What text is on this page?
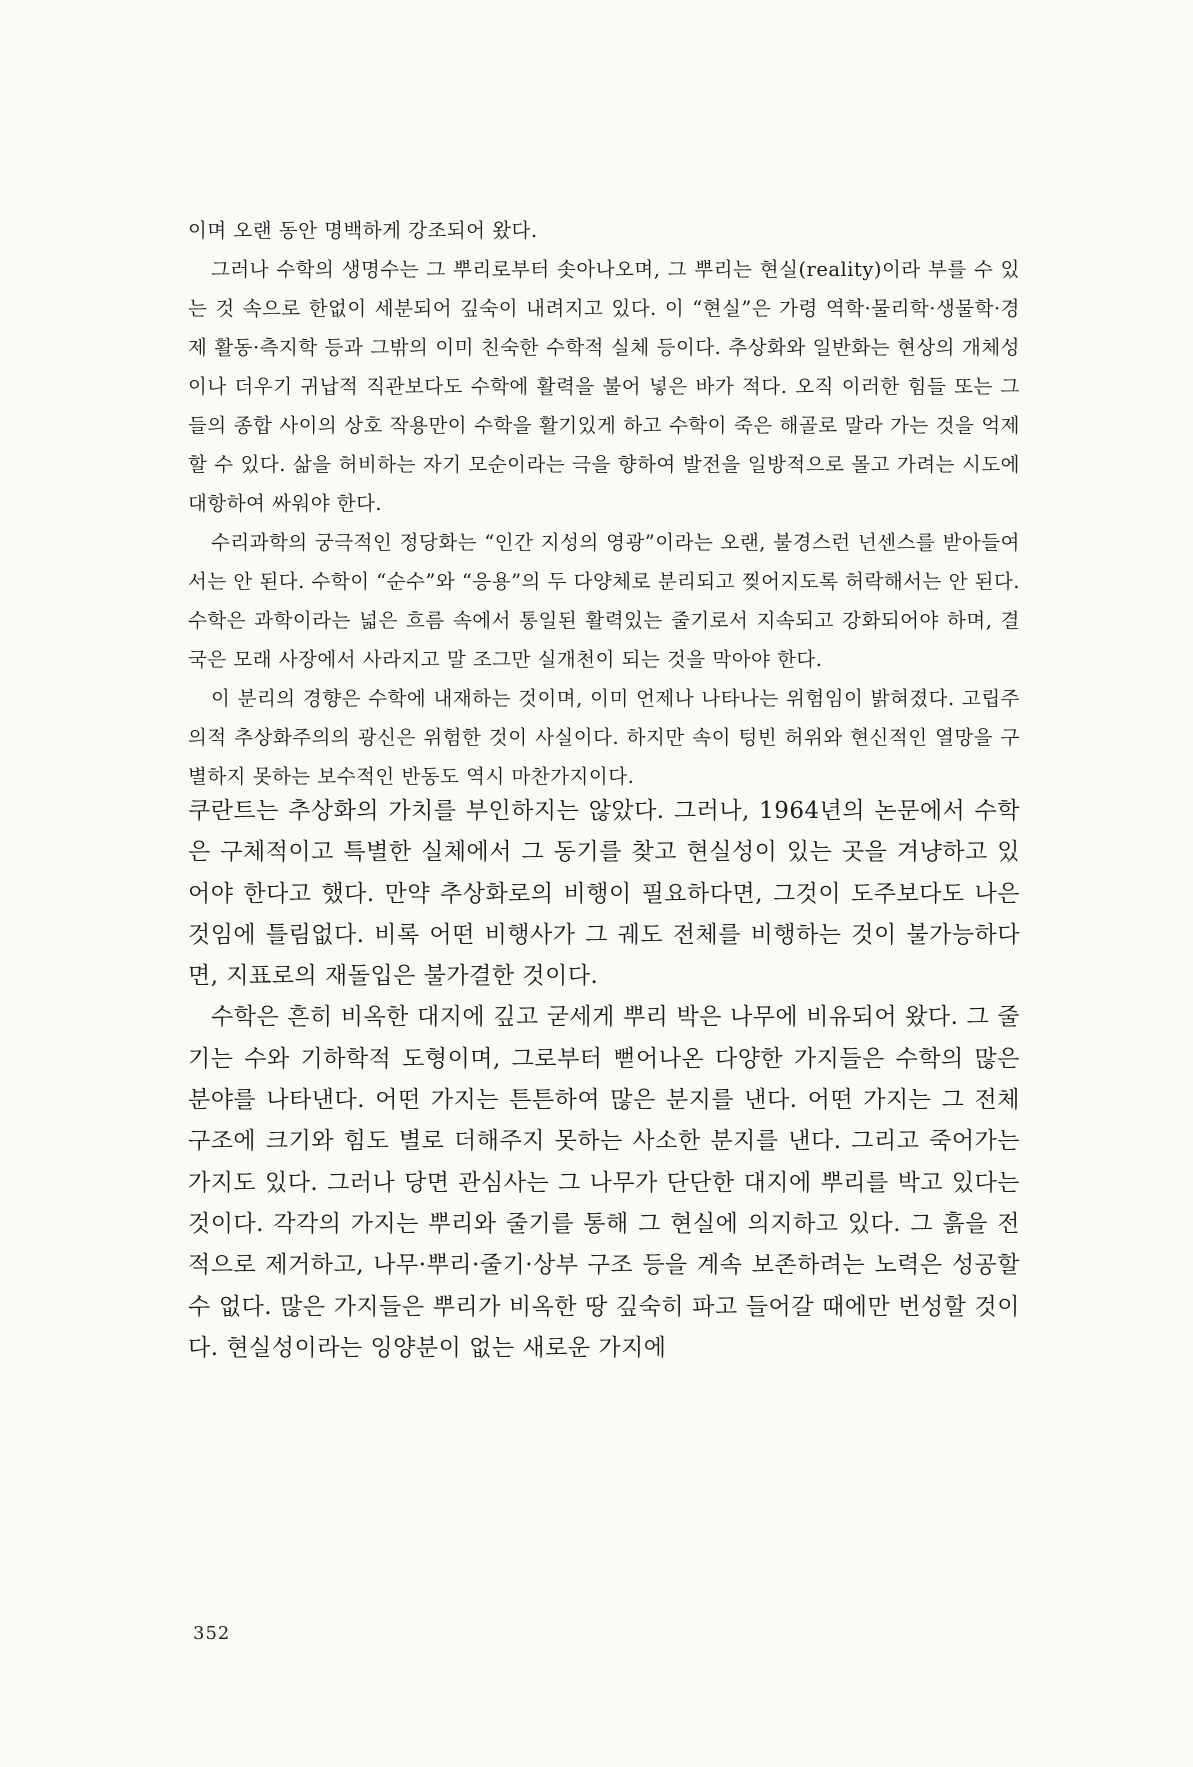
이며 오랜 동안 명백하게 강조되어 왔다.

그러나 수학의 생명수는 그 뿌리로부터 솟아나오며, 그 뿌리는 현실(reality)이라 부를 수 있는 것 속으로 한없이 세분되어 깊숙이 내려지고 있다. 이 “현실”은 가령 역학·물리학·생물학·경제 활동·측지학 등과 그밖의 이미 친숙한 수학적 실체 등이다. 추상화와 일반화는 현상의 개체성이나 더우기 귀납적 직관보다도 수학에 활력을 불어 넣은 바가 적다. 오직 이러한 힘들 또는 그들의 종합 사이의 상호 작용만이 수학을 활기있게 하고 수학이 죽은 해골로 말라 가는 것을 억제할 수 있다. 삶을 허비하는 자기 모순이라는 극을 향하여 발전을 일방적으로 몰고 가려는 시도에 대항하여 싸워야 한다.

수리과학의 궁극적인 정당화는 “인간 지성의 영광”이라는 오랜, 불경스런 넌센스를 받아들여서는 안 된다. 수학이 “순수”와 “응용”의 두 다양체로 분리되고 찢어지도록 허락해서는 안 된다. 수학은 과학이라는 넓은 흐름 속에서 통일된 활력있는 줄기로서 지속되고 강화되어야 하며, 결국은 모래 사장에서 사라지고 말 조그만 실개천이 되는 것을 막아야 한다.

이 분리의 경향은 수학에 내재하는 것이며, 이미 언제나 나타나는 위험임이 밝혀졌다. 고립주의적 추상화주의의 광신은 위험한 것이 사실이다. 하지만 속이 텅빈 허위와 현신적인 열망을 구별하지 못하는 보수적인 반동도 역시 마찬가지이다.

쿠란트는 추상화의 가치를 부인하지는 않았다. 그러나, 1964년의 논문에서 수학은 구체적이고 특별한 실체에서 그 동기를 찾고 현실성이 있는 곳을 겨냥하고 있어야 한다고 했다. 만약 추상화로의 비행이 필요하다면, 그것이 도주보다도 나은 것임에 틀림없다. 비록 어떤 비행사가 그 궤도 전체를 비행하는 것이 불가능하다면, 지표로의 재돌입은 불가결한 것이다.

수학은 흔히 비옥한 대지에 깊고 굳세게 뿌리 박은 나무에 비유되어 왔다. 그 줄기는 수와 기하학적 도형이며, 그로부터 뻗어나온 다양한 가지들은 수학의 많은 분야를 나타낸다. 어떤 가지는 튼튼하여 많은 분지를 낸다. 어떤 가지는 그 전체 구조에 크기와 힘도 별로 더해주지 못하는 사소한 분지를 낸다. 그리고 죽어가는 가지도 있다. 그러나 당면 관심사는 그 나무가 단단한 대지에 뿌리를 박고 있다는 것이다. 각각의 가지는 뿌리와 줄기를 통해 그 현실에 의지하고 있다. 그 흙을 전적으로 제거하고, 나무·뿌리·줄기·상부 구조 등을 계속 보존하려는 노력은 성공할 수 없다. 많은 가지들은 뿌리가 비옥한 땅 깊숙히 파고 들어갈 때에만 번성할 것이다. 현실성이라는 잉양분이 없는 새로운 가지에

352
